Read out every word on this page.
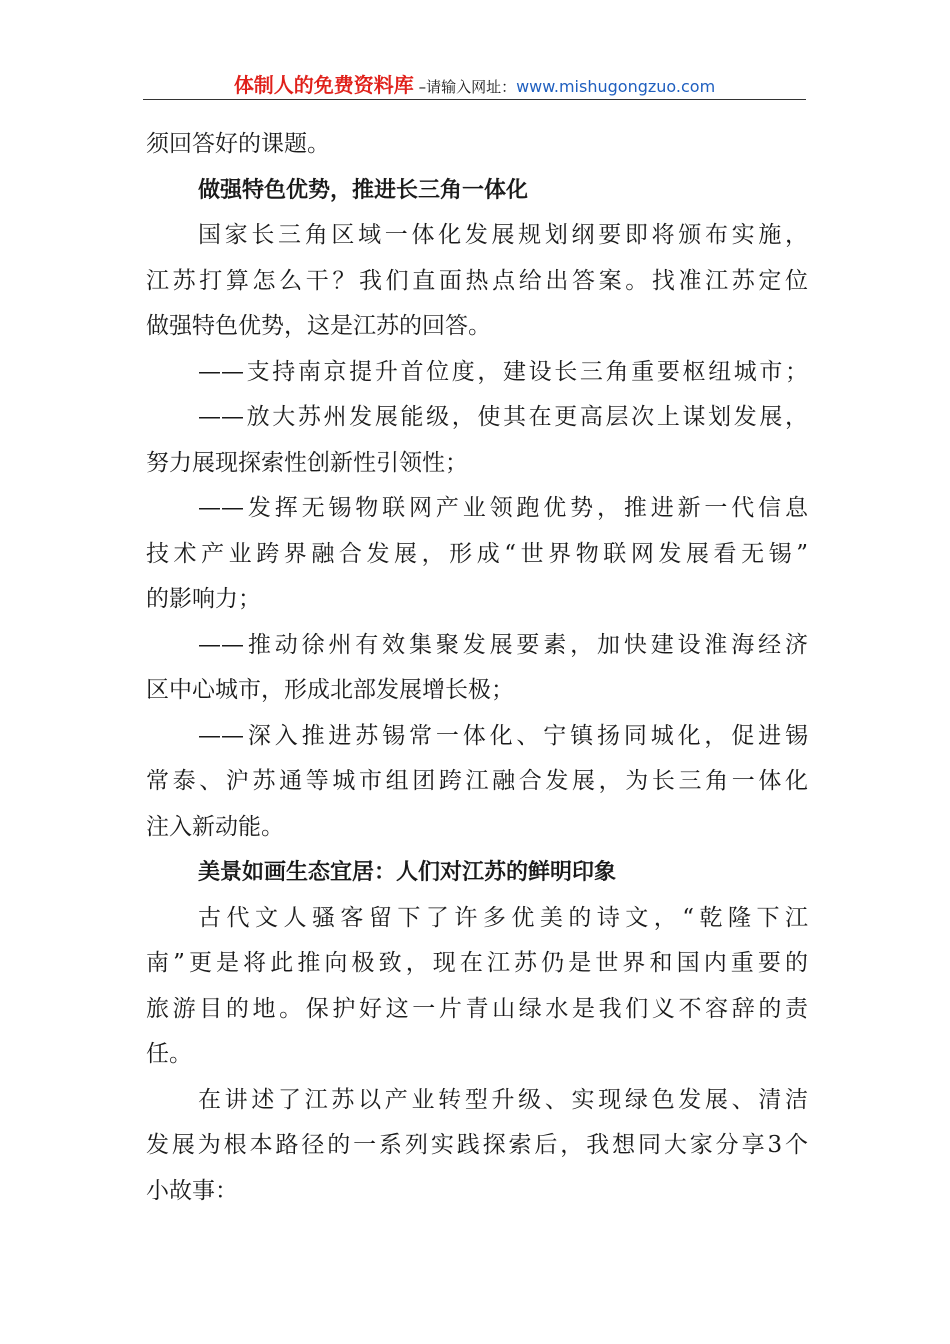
体制人的免费资料库 –请输入网址：www.mishugongzuo.com
须回答好的课题。
做强特色优势，推进长三角一体化
国家长三角区域一体化发展规划纲要即将颁布实施，
江苏打算怎么干？我们直面热点给出答案。找准江苏定位
做强特色优势，这是江苏的回答。
——支持南京提升首位度，建设长三角重要枢纽城市；
——放大苏州发展能级，使其在更高层次上谋划发展，
努力展现探索性创新性引领性；
——发挥无锡物联网产业领跑优势，推进新一代信息
技术产业跨界融合发展，形成“世界物联网发展看无锡”
的影响力；
——推动徐州有效集聚发展要素，加快建设淮海经济
区中心城市，形成北部发展增长极；
——深入推进苏锡常一体化、宁镇扬同城化，促进锡
常泰、沪苏通等城市组团跨江融合发展，为长三角一体化
注入新动能。
美景如画生态宜居：人们对江苏的鲜明印象
古代文人骚客留下了许多优美的诗文，“乾隆下江
南”更是将此推向极致，现在江苏仍是世界和国内重要的
旅游目的地。保护好这一片青山绿水是我们义不容辞的责
任。
在讲述了江苏以产业转型升级、实现绿色发展、清洁
发展为根本路径的一系列实践探索后，我想同大家分享3个
小故事：
